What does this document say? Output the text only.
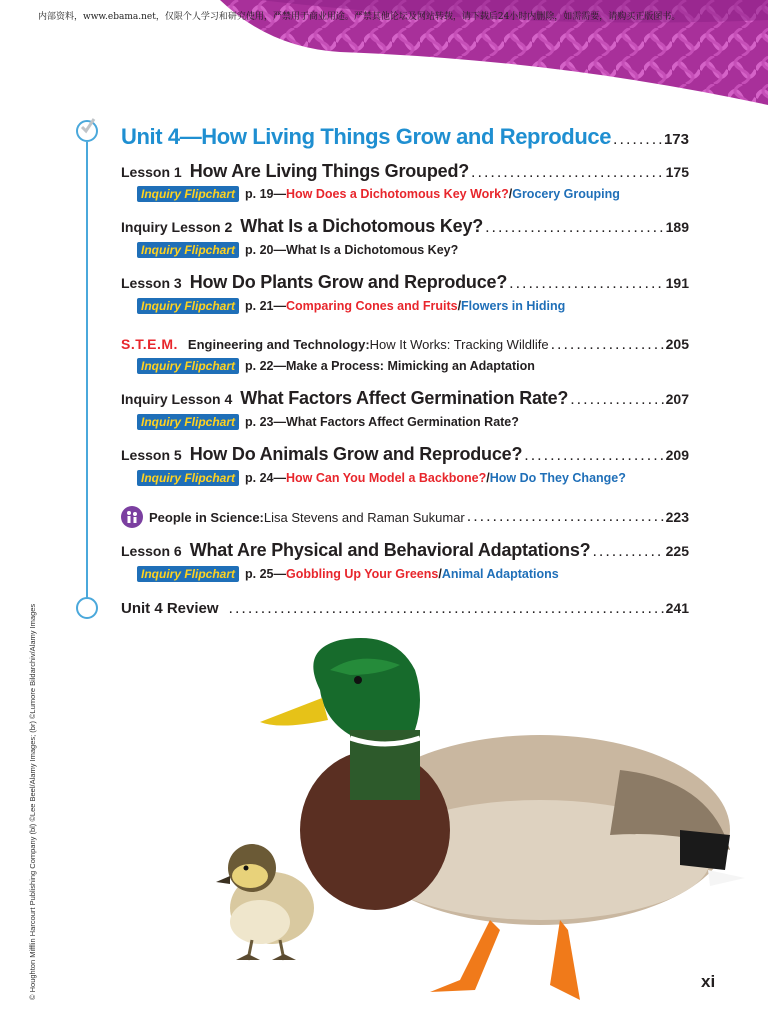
内部资料，www.ebama.net，仅限个人学习和研究使用，严禁用于商业用途。严禁其他论坛及网站转载，请下载后24小时内删除，如需需要，请购买正版图书。
Unit 4—How Living Things Grow and Reproduce .....	173
Lesson 1 How Are Living Things Grouped? .....	175
Inquiry Flipchart p. 19— How Does a Dichotomous Key Work? / Grocery Grouping
Inquiry Lesson 2 What Is a Dichotomous Key? .....	189
Inquiry Flipchart p. 20—What Is a Dichotomous Key?
Lesson 3 How Do Plants Grow and Reproduce? .....	191
Inquiry Flipchart p. 21— Comparing Cones and Fruits / Flowers in Hiding
S.T.E.M. Engineering and Technology: How It Works: Tracking Wildlife .....	205
Inquiry Flipchart p. 22—Make a Process: Mimicking an Adaptation
Inquiry Lesson 4 What Factors Affect Germination Rate? .....	207
Inquiry Flipchart p. 23—What Factors Affect Germination Rate?
Lesson 5 How Do Animals Grow and Reproduce? .....	209
Inquiry Flipchart p. 24— How Can You Model a Backbone? / How Do They Change?
People in Science: Lisa Stevens and Raman Sukumar .....	223
Lesson 6 What Are Physical and Behavioral Adaptations? .....	225
Inquiry Flipchart p. 25— Gobbling Up Your Greens / Animal Adaptations
Unit 4 Review .....	241
© Houghton Mifflin Harcourt Publishing Company (bl) ©Lee Beel/Alamy Images; (br) ©Lumore Bildarchiv/Alamy Images	xi
